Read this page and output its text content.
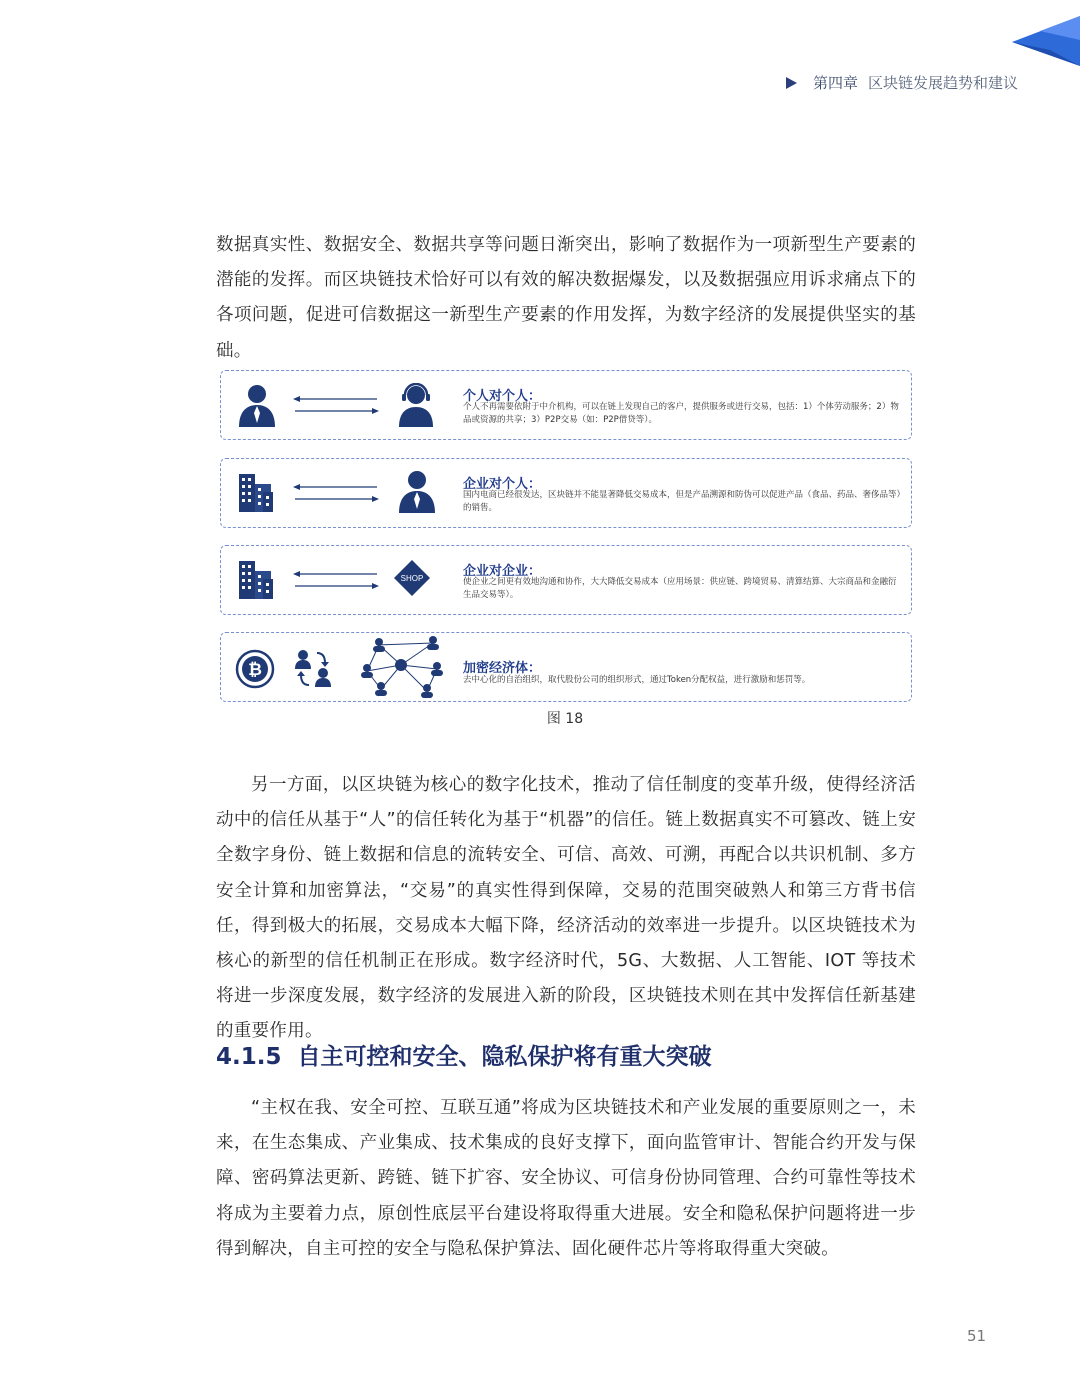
第四章 区块链发展趋势和建议
数据真实性、数据安全、数据共享等问题日渐突出，影响了数据作为一项新型生产要素的潜能的发挥。而区块链技术恰好可以有效的解决数据爆发，以及数据强应用诉求痛点下的各项问题，促进可信数据这一新型生产要素的作用发挥，为数字经济的发展提供坚实的基础。
个人对个人：
个人不再需要依附于中介机构，可以在链上发现自己的客户，提供服务或进行交易，包括：1）个体劳动服务；2）物品或资源的共享；3）P2P交易（如：P2P借贷等）。
企业对个人：
国内电商已经很发达，区块链并不能显著降低交易成本，但是产品溯源和防伪可以促进产品（食品、药品、奢侈品等）的销售。
SHOP	企业对企业：
使企业之间更有效地沟通和协作，大大降低交易成本（应用场景：供应链、跨境贸易、清算结算、大宗商品和金融衍生品交易等）。
₿	加密经济体：
去中心化的自治组织，取代股份公司的组织形式，通过Token分配权益，进行激励和惩罚等。
图 18
另一方面，以区块链为核心的数字化技术，推动了信任制度的变革升级，使得经济活动中的信任从基于“人”的信任转化为基于“机器”的信任。链上数据真实不可篡改、链上安全数字身份、链上数据和信息的流转安全、可信、高效、可溯，再配合以共识机制、多方安全计算和加密算法，“交易”的真实性得到保障，交易的范围突破熟人和第三方背书信任，得到极大的拓展，交易成本大幅下降，经济活动的效率进一步提升。以区块链技术为核心的新型的信任机制正在形成。数字经济时代，5G、大数据、人工智能、IOT 等技术将进一步深度发展，数字经济的发展进入新的阶段，区块链技术则在其中发挥信任新基建的重要作用。
4.1.5  自主可控和安全、隐私保护将有重大突破
“主权在我、安全可控、互联互通”将成为区块链技术和产业发展的重要原则之一，未来，在生态集成、产业集成、技术集成的良好支撑下，面向监管审计、智能合约开发与保障、密码算法更新、跨链、链下扩容、安全协议、可信身份协同管理、合约可靠性等技术将成为主要着力点，原创性底层平台建设将取得重大进展。安全和隐私保护问题将进一步得到解决，自主可控的安全与隐私保护算法、固化硬件芯片等将取得重大突破。
51
